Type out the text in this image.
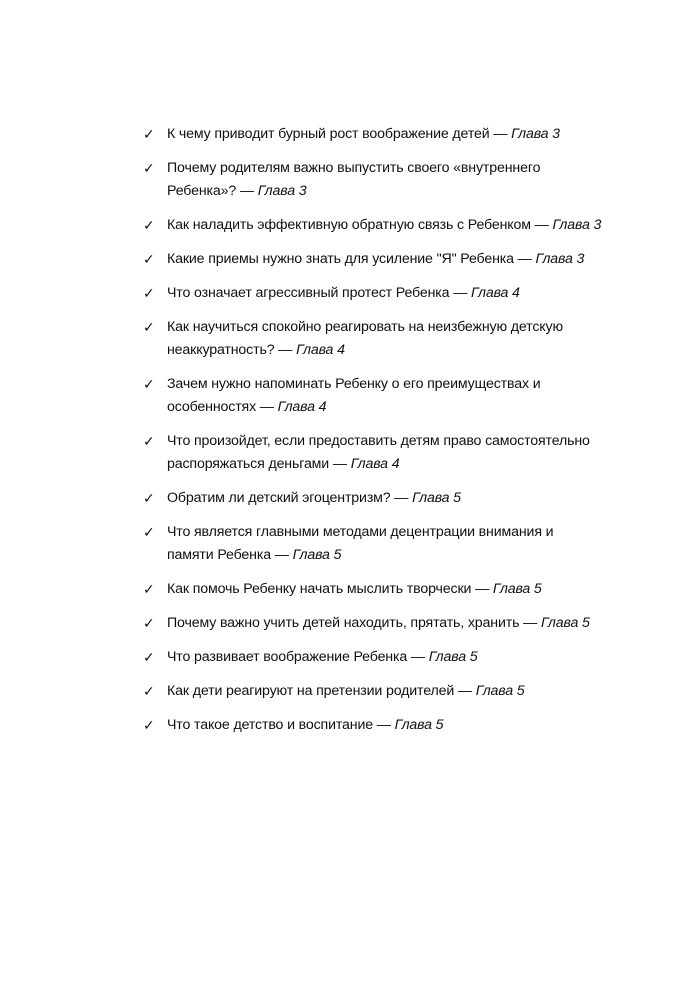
✓ К чему приводит бурный рост воображение детей — Глава 3
✓ Почему родителям важно выпустить своего «внутреннего Ребенка»? — Глава 3
✓ Как наладить эффективную обратную связь с Ребенком — Глава 3
✓ Какие приемы нужно знать для усиление "Я" Ребенка — Глава 3
✓ Что означает агрессивный протест Ребенка — Глава 4
✓ Как научиться спокойно реагировать на неизбежную детскую неаккуратность? — Глава 4
✓ Зачем нужно напоминать Ребенку о его преимуществах и особенностях — Глава 4
✓ Что произойдет, если предоставить детям право самостоятельно распоряжаться деньгами — Глава 4
✓ Обратим ли детский эгоцентризм? — Глава 5
✓ Что является главными методами децентрации внимания и памяти Ребенка — Глава 5
✓ Как помочь Ребенку начать мыслить творчески — Глава 5
✓ Почему важно учить детей находить, прятать, хранить — Глава 5
✓ Что развивает воображение Ребенка — Глава 5
✓ Как дети реагируют на претензии родителей — Глава 5
✓ Что такое детство и воспитание — Глава 5
